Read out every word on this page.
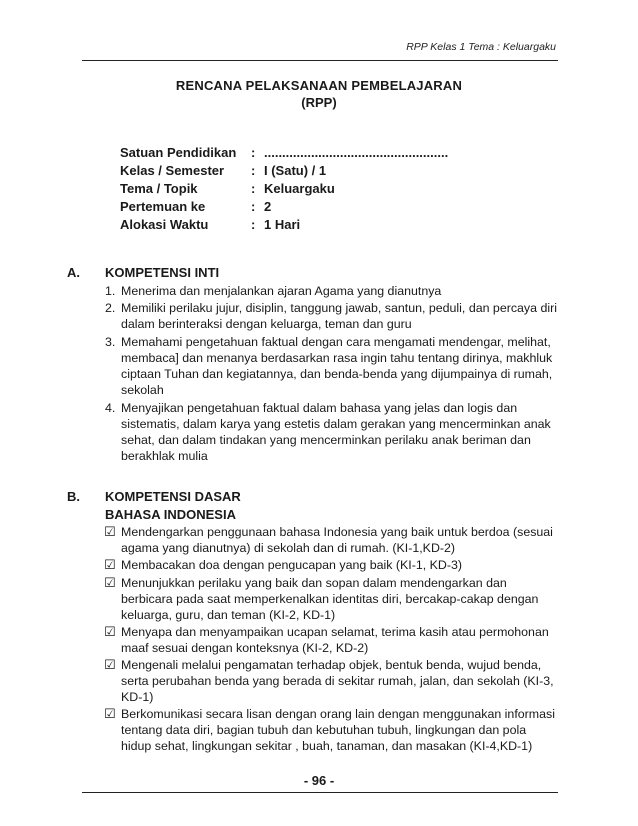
RPP Kelas 1 Tema : Keluargaku
RENCANA PELAKSANAAN PEMBELAJARAN
(RPP)
Satuan Pendidikan : ...................................................
Kelas / Semester : I (Satu) / 1
Tema / Topik	: Keluargaku
Pertemuan ke	: 2
Alokasi Waktu	: 1 Hari
A. KOMPETENSI INTI
1. Menerima dan menjalankan ajaran Agama yang dianutnya
2. Memiliki perilaku jujur, disiplin, tanggung jawab, santun, peduli, dan percaya diri
dalam berinteraksi dengan keluarga, teman dan guru
3. Memahami pengetahuan faktual dengan cara mengamati mendengar, melihat,
membaca] dan menanya berdasarkan rasa ingin tahu tentang dirinya, makhluk
ciptaan Tuhan dan kegiatannya, dan benda-benda yang dijumpainya di rumah,
sekolah
4. Menyajikan pengetahuan faktual dalam bahasa yang jelas dan logis dan
sistematis, dalam karya yang estetis dalam gerakan yang mencerminkan anak
sehat, dan dalam tindakan yang mencerminkan perilaku anak beriman dan
berakhlak mulia
B. KOMPETENSI DASAR
BAHASA INDONESIA
☑ Mendengarkan penggunaan bahasa Indonesia yang baik untuk berdoa (sesuai
agama yang dianutnya) di sekolah dan di rumah. (KI-1,KD-2)
☑ Membacakan doa dengan pengucapan yang baik (KI-1, KD-3)
☑ Menunjukkan perilaku yang baik dan sopan dalam mendengarkan dan
berbicara pada saat memperkenalkan identitas diri, bercakap-cakap dengan
keluarga, guru, dan teman (KI-2, KD-1)
☑ Menyapa dan menyampaikan ucapan selamat, terima kasih atau permohonan
maaf sesuai dengan konteksnya (KI-2, KD-2)
☑ Mengenali melalui pengamatan terhadap objek, bentuk benda, wujud benda,
serta perubahan benda yang berada di sekitar rumah, jalan, dan sekolah (KI-3,
KD-1)
☑ Berkomunikasi secara lisan dengan orang lain dengan menggunakan informasi
tentang data diri, bagian tubuh dan kebutuhan tubuh, lingkungan dan pola
hidup sehat, lingkungan sekitar , buah, tanaman, dan masakan (KI-4,KD-1)
- 96 -
